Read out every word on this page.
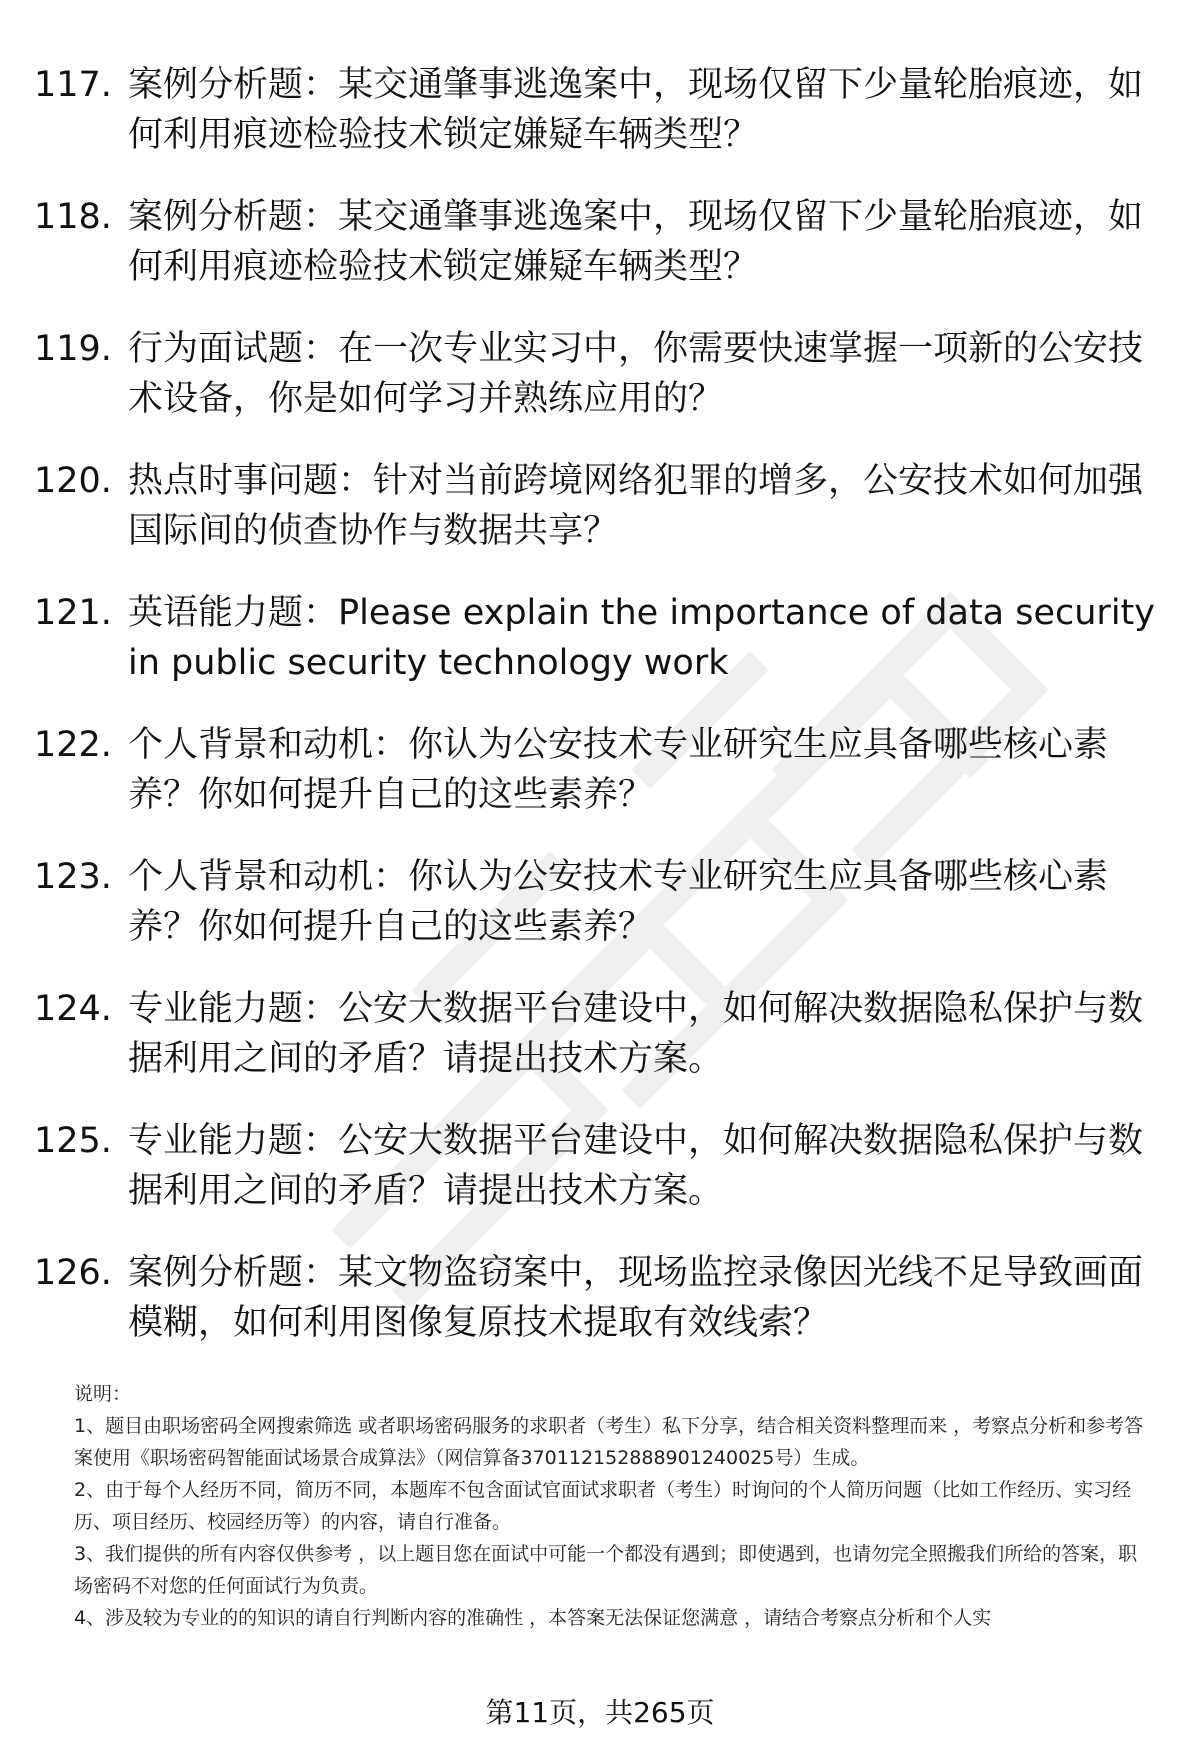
117. 案例分析题：某交通肇事逃逸案中，现场仅留下少量轮胎痕迹，如何利用痕迹检验技术锁定嫌疑车辆类型？
118. 案例分析题：某交通肇事逃逸案中，现场仅留下少量轮胎痕迹，如何利用痕迹检验技术锁定嫌疑车辆类型？
119. 行为面试题：在一次专业实习中，你需要快速掌握一项新的公安技术设备，你是如何学习并熟练应用的？
120. 热点时事问题：针对当前跨境网络犯罪的增多，公安技术如何加强国际间的侦查协作与数据共享？
121. 英语能力题：Please explain the importance of data security in public security technology work
122. 个人背景和动机：你认为公安技术专业研究生应具备哪些核心素养？你如何提升自己的这些素养？
123. 个人背景和动机：你认为公安技术专业研究生应具备哪些核心素养？你如何提升自己的这些素养？
124. 专业能力题：公安大数据平台建设中，如何解决数据隐私保护与数据利用之间的矛盾？请提出技术方案。
125. 专业能力题：公安大数据平台建设中，如何解决数据隐私保护与数据利用之间的矛盾？请提出技术方案。
126. 案例分析题：某文物盗窃案中，现场监控录像因光线不足导致画面模糊，如何利用图像复原技术提取有效线索？

说明：

1、题目由职场密码全网搜索筛选 或者职场密码服务的求职者（考生）私下分享，结合相关资料整理而来 ，考察点分析和参考答案使用《职场密码智能面试场景合成算法》（网信算备37011215288890124002​5号）生成。

2、由于每个人经历不同，简历不同，本题库不包含面试官面试求职者（考生）时询问的个人简历问题（比如工作经历、实习经历、项目经历、校园经历等）的内容，请自行准备。

3、我们提供的所有内容仅供参考 ，以上题目您在面试中可能一个都没有遇到；即使遇到，也请勿完全照搬我们所给的答案，职场密码不对您的任何面试行为负责。

4、涉及较为专业的的知识的请自行判断内容的准确性 ，本答案无法保证您满意 ，请结合考察点分析和个人实

第11页，共265页
